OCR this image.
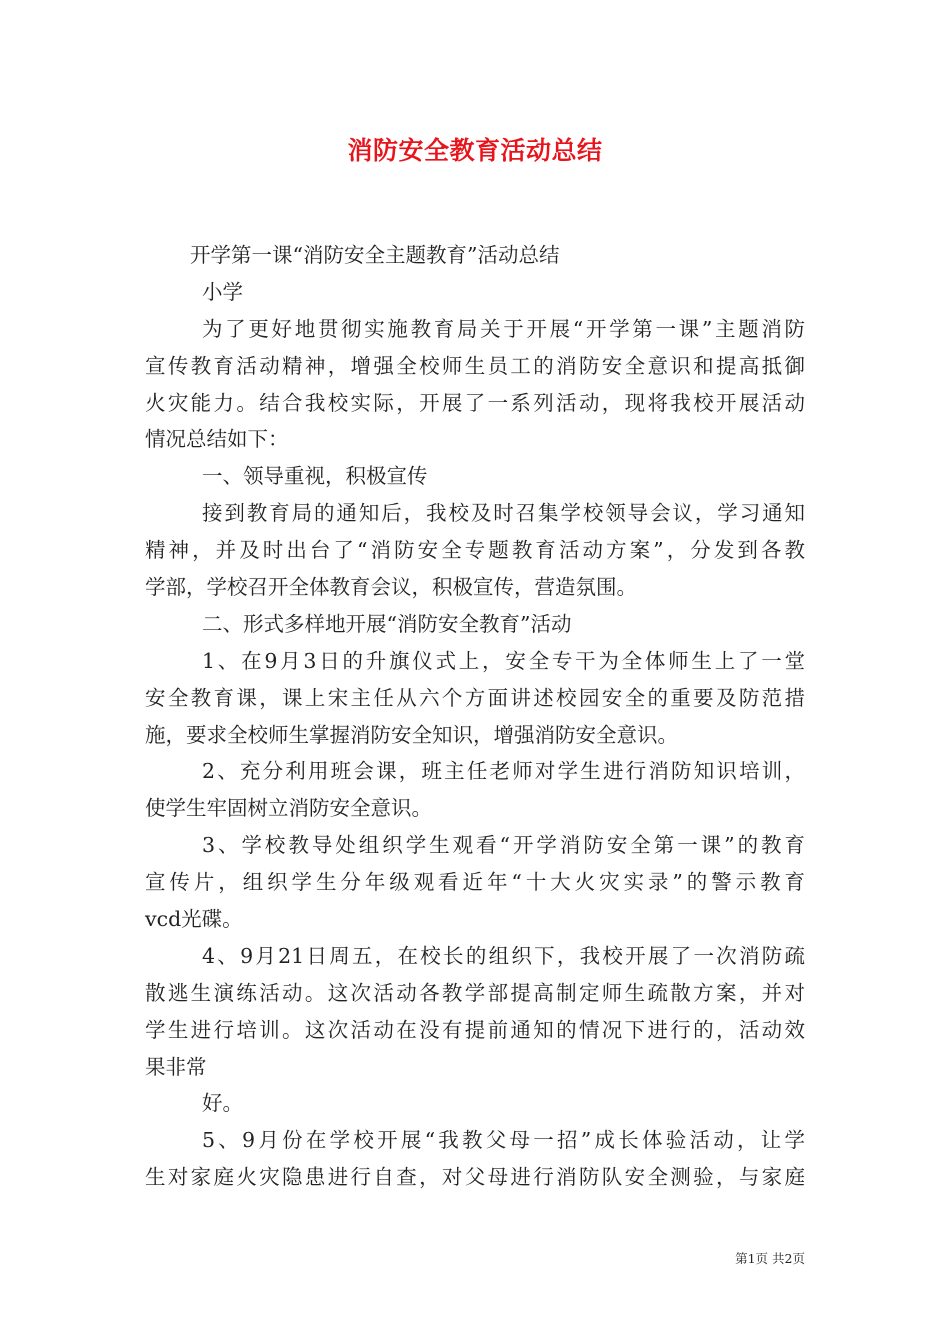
消防安全教育活动总结
开学第一课“消防安全主题教育”活动总结
小学
为了更好地贯彻实施教育局关于开展“开学第一课”主题消防
宣传教育活动精神，增强全校师生员工的消防安全意识和提高抵御
火灾能力。结合我校实际，开展了一系列活动，现将我校开展活动
情况总结如下：
一、领导重视，积极宣传
接到教育局的通知后，我校及时召集学校领导会议，学习通知
精神，并及时出台了“消防安全专题教育活动方案”，分发到各教
学部，学校召开全体教育会议，积极宣传，营造氛围。
二、形式多样地开展“消防安全教育”活动
1、在9月3日的升旗仪式上，安全专干为全体师生上了一堂
安全教育课，课上宋主任从六个方面讲述校园安全的重要及防范措
施，要求全校师生掌握消防安全知识，增强消防安全意识。
2、充分利用班会课，班主任老师对学生进行消防知识培训，
使学生牢固树立消防安全意识。
3、学校教导处组织学生观看“开学消防安全第一课”的教育
宣传片，组织学生分年级观看近年“十大火灾实录”的警示教育
vcd光碟。
4、9月21日周五，在校长的组织下，我校开展了一次消防疏
散逃生演练活动。这次活动各教学部提高制定师生疏散方案，并对
学生进行培训。这次活动在没有提前通知的情况下进行的，活动效
果非常
好。
5、9月份在学校开展“我教父母一招”成长体验活动，让学
生对家庭火灾隐患进行自查，对父母进行消防队安全测验，与家庭
第1页 共2页
